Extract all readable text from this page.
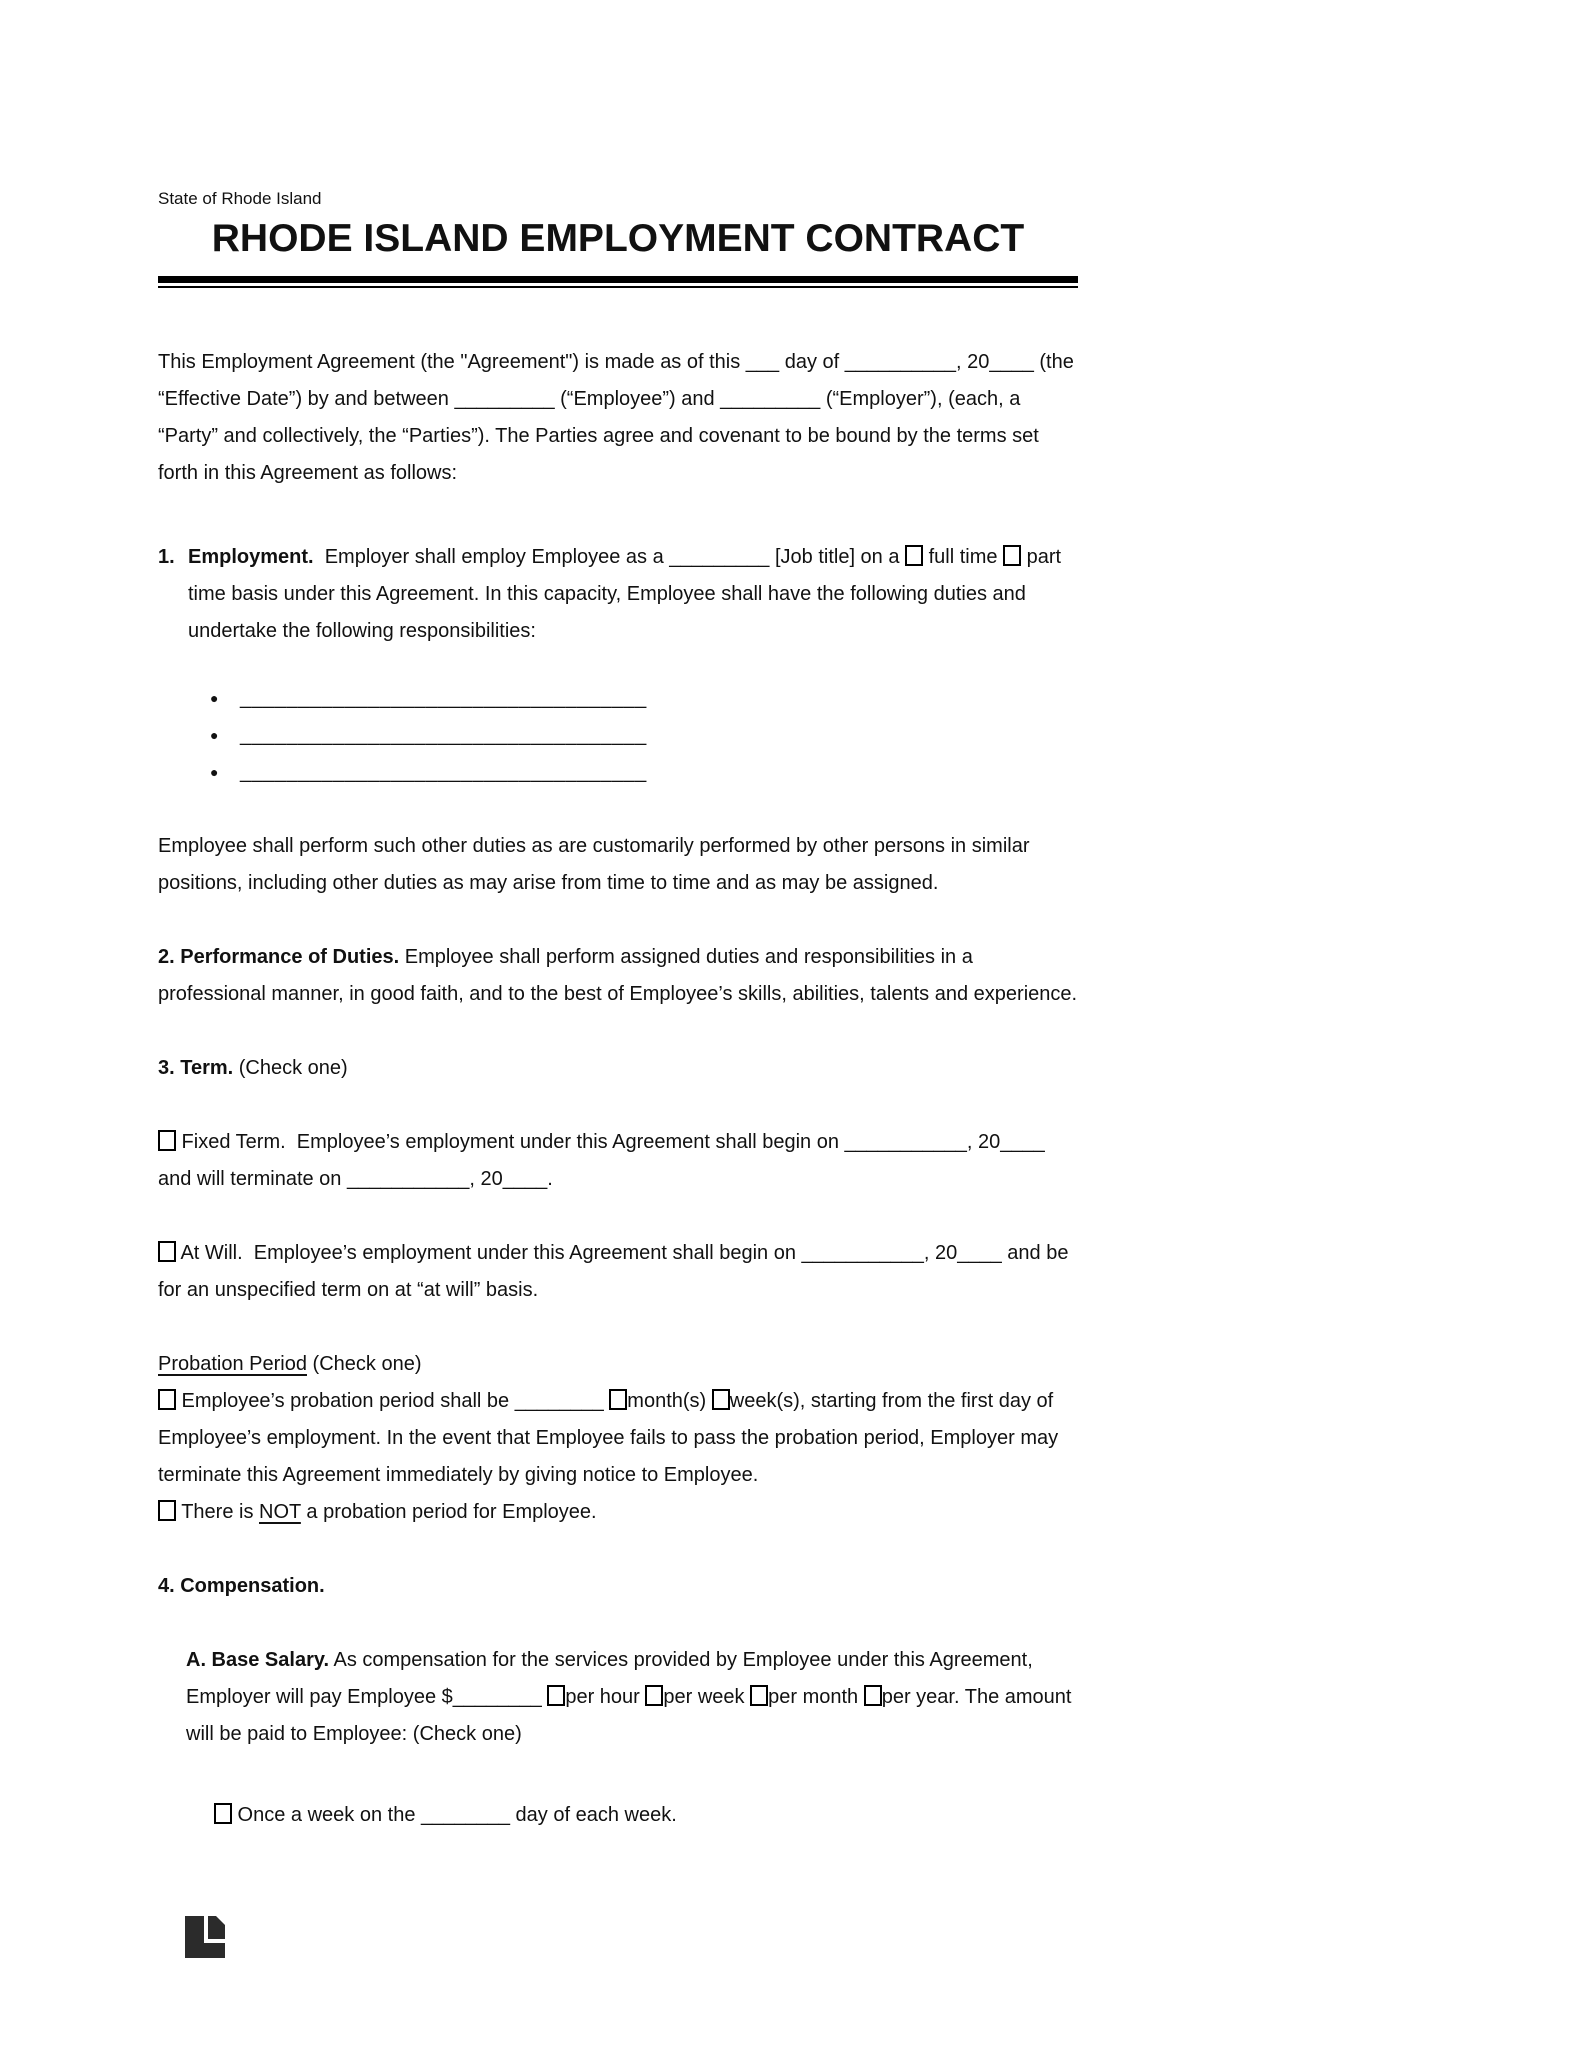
State of Rhode Island
RHODE ISLAND EMPLOYMENT CONTRACT

This Employment Agreement (the "Agreement") is made as of this ___ day of __________, 20____ (the “Effective Date”) by and between _________ (“Employee”) and _________ (“Employer”), (each, a “Party” and collectively, the “Parties”). The Parties agree and covenant to be bound by the terms set forth in this Agreement as follows:

1. Employment.  Employer shall employ Employee as a _________ [Job title] on a  full time  part time basis under this Agreement. In this capacity, Employee shall have the following duties and undertake the following responsibilities:

●	___________________________________
●	___________________________________
●	___________________________________

Employee shall perform such other duties as are customarily performed by other persons in similar positions, including other duties as may arise from time to time and as may be assigned.

2. Performance of Duties. Employee shall perform assigned duties and responsibilities in a professional manner, in good faith, and to the best of Employee’s skills, abilities, talents and experience.

3. Term. (Check one)

Fixed Term.  Employee’s employment under this Agreement shall begin on ___________, 20____ and will terminate on ___________, 20____.

At Will.  Employee’s employment under this Agreement shall begin on ___________, 20____ and be for an unspecified term on at “at will” basis.

Probation Period (Check one)

Employee’s probation period shall be ________ month(s) week(s), starting from the first day of Employee’s employment. In the event that Employee fails to pass the probation period, Employer may terminate this Agreement immediately by giving notice to Employee.

There is NOT a probation period for Employee.

4. Compensation.

A. Base Salary. As compensation for the services provided by Employee under this Agreement, Employer will pay Employee $________ per hour per week per month per year. The amount will be paid to Employee: (Check one)

Once a week on the ________ day of each week.
